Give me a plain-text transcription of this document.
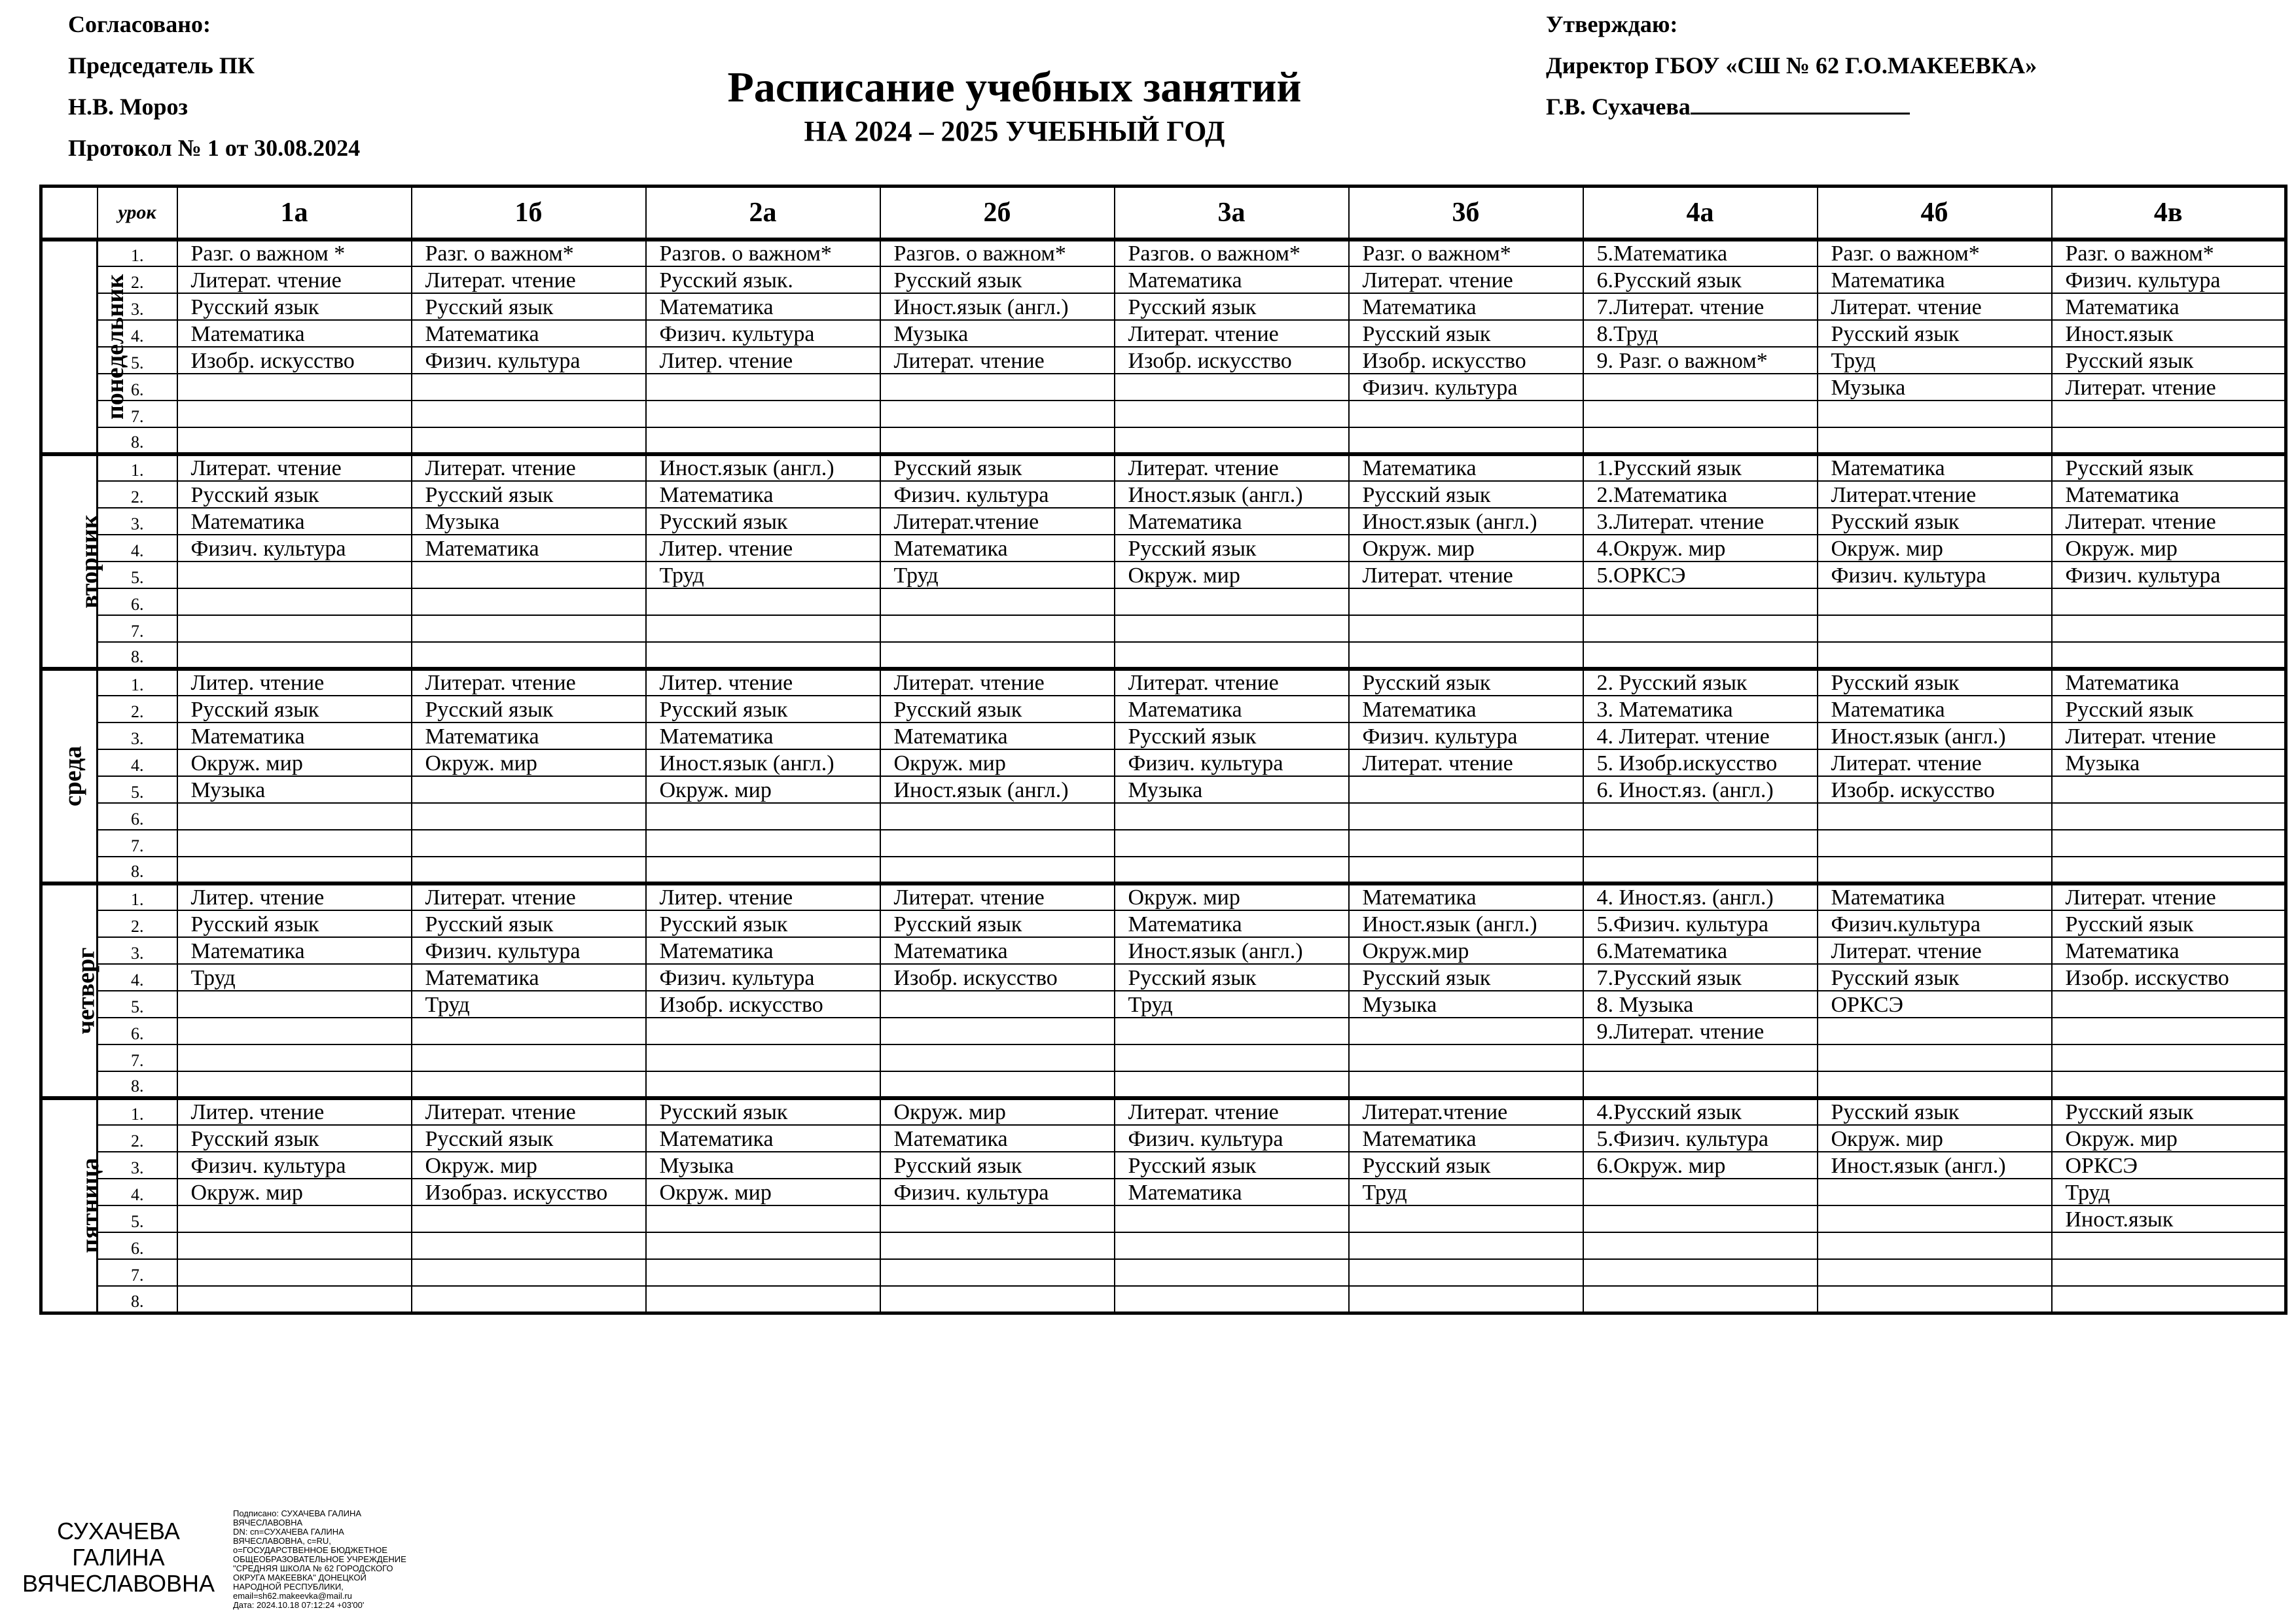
Согласовано:
Председатель ПК
Н.В. Мороз
Протокол № 1 от 30.08.2024
Расписание учебных занятий
НА 2024 – 2025 УЧЕБНЫЙ ГОД
Утверждаю:
Директор ГБОУ «СШ № 62 Г.О.МАКЕЕВКА»
Г.В. Сухачева
	урок	1а	1б	2а	2б	3а	3б	4а	4б	4в
понедельник	1.	Разг. о важном *	Разг. о важном*	Разгов. о важном*	Разгов. о важном*	Разгов. о важном*	Разг. о важном*	5.Математика	Разг. о важном*	Разг. о важном*
	2.	Литерат. чтение	Литерат. чтение	Русский язык.	Русский язык	Математика	Литерат. чтение	6.Русский язык	Математика	Физич. культура
	3.	Русский язык	Русский язык	Математика	Иност.язык (англ.)	Русский язык	Математика	7.Литерат. чтение	Литерат. чтение	Математика
	4.	Математика	Математика	Физич. культура	Музыка	Литерат. чтение	Русский язык	8.Труд	Русский язык	Иност.язык
	5.	Изобр. искусство	Физич. культура	Литер. чтение	Литерат. чтение	Изобр. искусство	Изобр. искусство	9. Разг. о важном*	Труд	Русский язык
	6.						Физич. культура		Музыка	Литерат. чтение
	7.									
	8.									
вторник	1.	Литерат. чтение	Литерат. чтение	Иност.язык (англ.)	Русский язык	Литерат. чтение	Математика	1.Русский язык	Математика	Русский язык
	2.	Русский язык	Русский язык	Математика	Физич. культура	Иност.язык (англ.)	Русский язык	2.Математика	Литерат.чтение	Математика
	3.	Математика	Музыка	Русский язык	Литерат.чтение	Математика	Иност.язык (англ.)	3.Литерат. чтение	Русский язык	Литерат. чтение
	4.	Физич. культура	Математика	Литер. чтение	Математика	Русский язык	Окруж. мир	4.Окруж. мир	Окруж. мир	Окруж. мир
	5.			Труд	Труд	Окруж. мир	Литерат. чтение	5.ОРКСЭ	Физич. культура	Физич. культура
	6.									
	7.									
	8.									
среда	1.	Литер. чтение	Литерат. чтение	Литер. чтение	Литерат. чтение	Литерат. чтение	Русский язык	2. Русский язык	Русский язык	Математика
	2.	Русский язык	Русский язык	Русский язык	Русский язык	Математика	Математика	3. Математика	Математика	Русский язык
	3.	Математика	Математика	Математика	Математика	Русский язык	Физич. культура	4. Литерат. чтение	Иност.язык (англ.)	Литерат. чтение
	4.	Окруж. мир	Окруж. мир	Иност.язык (англ.)	Окруж. мир	Физич. культура	Литерат. чтение	5. Изобр.искусство	Литерат. чтение	Музыка
	5.	Музыка		Окруж. мир	Иност.язык (англ.)	Музыка		6. Иност.яз. (англ.)	Изобр. искусство	
	6.									
	7.									
	8.									
четверг	1.	Литер. чтение	Литерат. чтение	Литер. чтение	Литерат. чтение	Окруж. мир	Математика	4. Иност.яз. (англ.)	Математика	Литерат. чтение
	2.	Русский язык	Русский язык	Русский язык	Русский язык	Математика	Иност.язык (англ.)	5.Физич. культура	Физич.культура	Русский язык
	3.	Математика	Физич. культура	Математика	Математика	Иност.язык (англ.)	Окруж.мир	6.Математика	Литерат. чтение	Математика
	4.	Труд	Математика	Физич. культура	Изобр. искусство	Русский язык	Русский язык	7.Русский язык	Русский язык	Изобр. исскуство
	5.		Труд	Изобр. искусство		Труд	Музыка	8. Музыка	ОРКСЭ	
	6.							9.Литерат. чтение		
	7.									
	8.									
пятница	1.	Литер. чтение	Литерат. чтение	Русский язык	Окруж. мир	Литерат. чтение	Литерат.чтение	4.Русский язык	Русский язык	Русский язык
	2.	Русский язык	Русский язык	Математика	Математика	Физич. культура	Математика	5.Физич. культура	Окруж. мир	Окруж. мир
	3.	Физич. культура	Окруж. мир	Музыка	Русский язык	Русский язык	Русский язык	6.Окруж. мир	Иност.язык (англ.)	ОРКСЭ
	4.	Окруж. мир	Изобраз. искусство	Окруж. мир	Физич. культура	Математика	Труд			Труд
	5.									Иност.язык
	6.									
	7.									
	8.									
СУХАЧЕВА
ГАЛИНА
ВЯЧЕСЛАВОВНА
Подписано: СУХАЧЕВА ГАЛИНА
ВЯЧЕСЛАВОВНА
DN: cn=СУХАЧЕВА ГАЛИНА
ВЯЧЕСЛАВОВНА, c=RU,
o=ГОСУДАРСТВЕННОЕ БЮДЖЕТНОЕ
ОБЩЕОБРАЗОВАТЕЛЬНОЕ УЧРЕЖДЕНИЕ
"СРЕДНЯЯ ШКОЛА № 62 ГОРОДСКОГО
ОКРУГА МАКЕЕВКА" ДОНЕЦКОЙ
НАРОДНОЙ РЕСПУБЛИКИ,
email=sh62.makeevka@mail.ru
Дата: 2024.10.18 07:12:24 +03'00'
